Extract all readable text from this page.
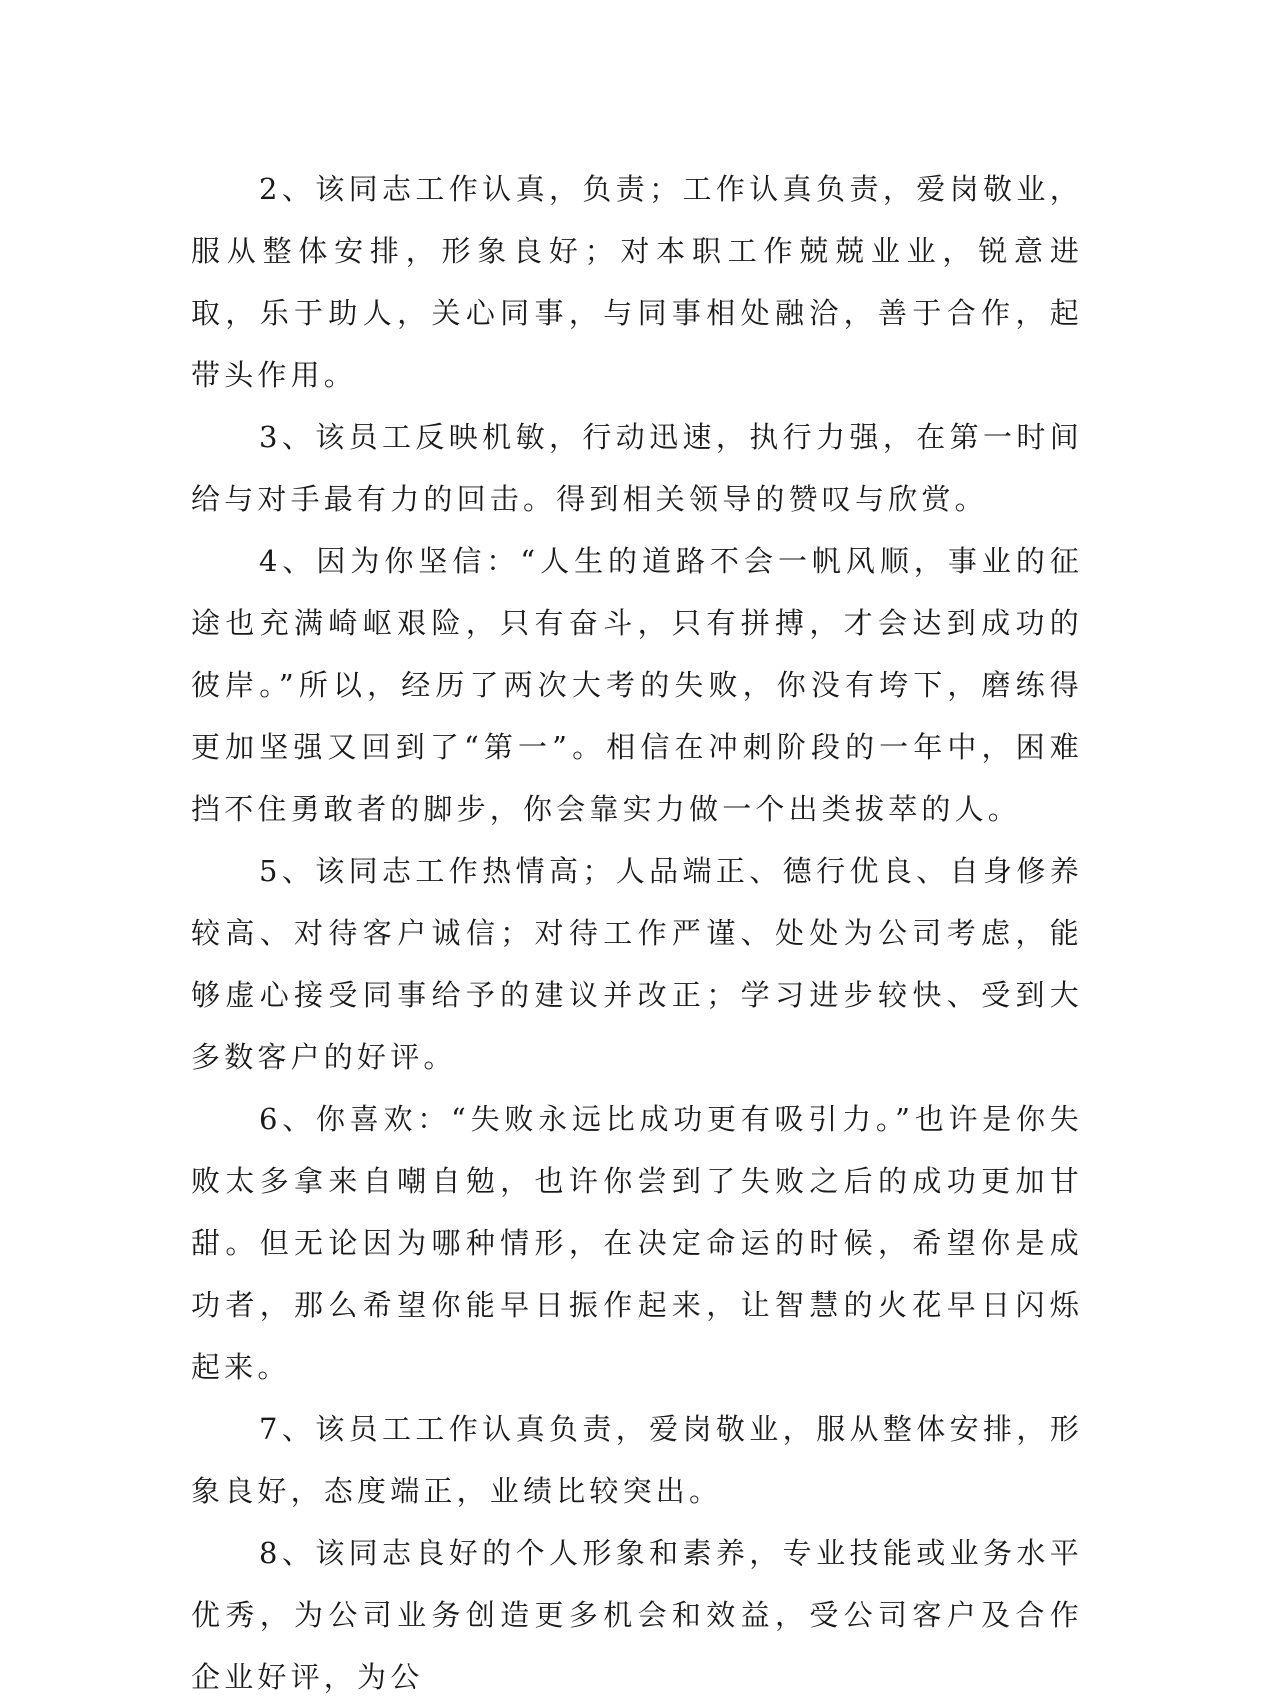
2、该同志工作认真，负责；工作认真负责，爱岗敬业，服从整体安排，形象良好；对本职工作兢兢业业，锐意进取，乐于助人，关心同事，与同事相处融洽，善于合作，起带头作用。

3、该员工反映机敏，行动迅速，执行力强，在第一时间给与对手最有力的回击。得到相关领导的赞叹与欣赏。

4、因为你坚信：“人生的道路不会一帆风顺，事业的征途也充满崎岖艰险，只有奋斗，只有拼搏，才会达到成功的彼岸。”所以，经历了两次大考的失败，你没有垮下，磨练得更加坚强又回到了“第一”。相信在冲刺阶段的一年中，困难挡不住勇敢者的脚步，你会靠实力做一个出类拔萃的人。

5、该同志工作热情高；人品端正、德行优良、自身修养较高、对待客户诚信；对待工作严谨、处处为公司考虑，能够虚心接受同事给予的建议并改正；学习进步较快、受到大多数客户的好评。

6、你喜欢：“失败永远比成功更有吸引力。”也许是你失败太多拿来自嘲自勉，也许你尝到了失败之后的成功更加甘甜。但无论因为哪种情形，在决定命运的时候，希望你是成功者，那么希望你能早日振作起来，让智慧的火花早日闪烁起来。

7、该员工工作认真负责，爱岗敬业，服从整体安排，形象良好，态度端正，业绩比较突出。

8、该同志良好的个人形象和素养，专业技能或业务水平优秀，为公司业务创造更多机会和效益，受公司客户及合作企业好评，为公
